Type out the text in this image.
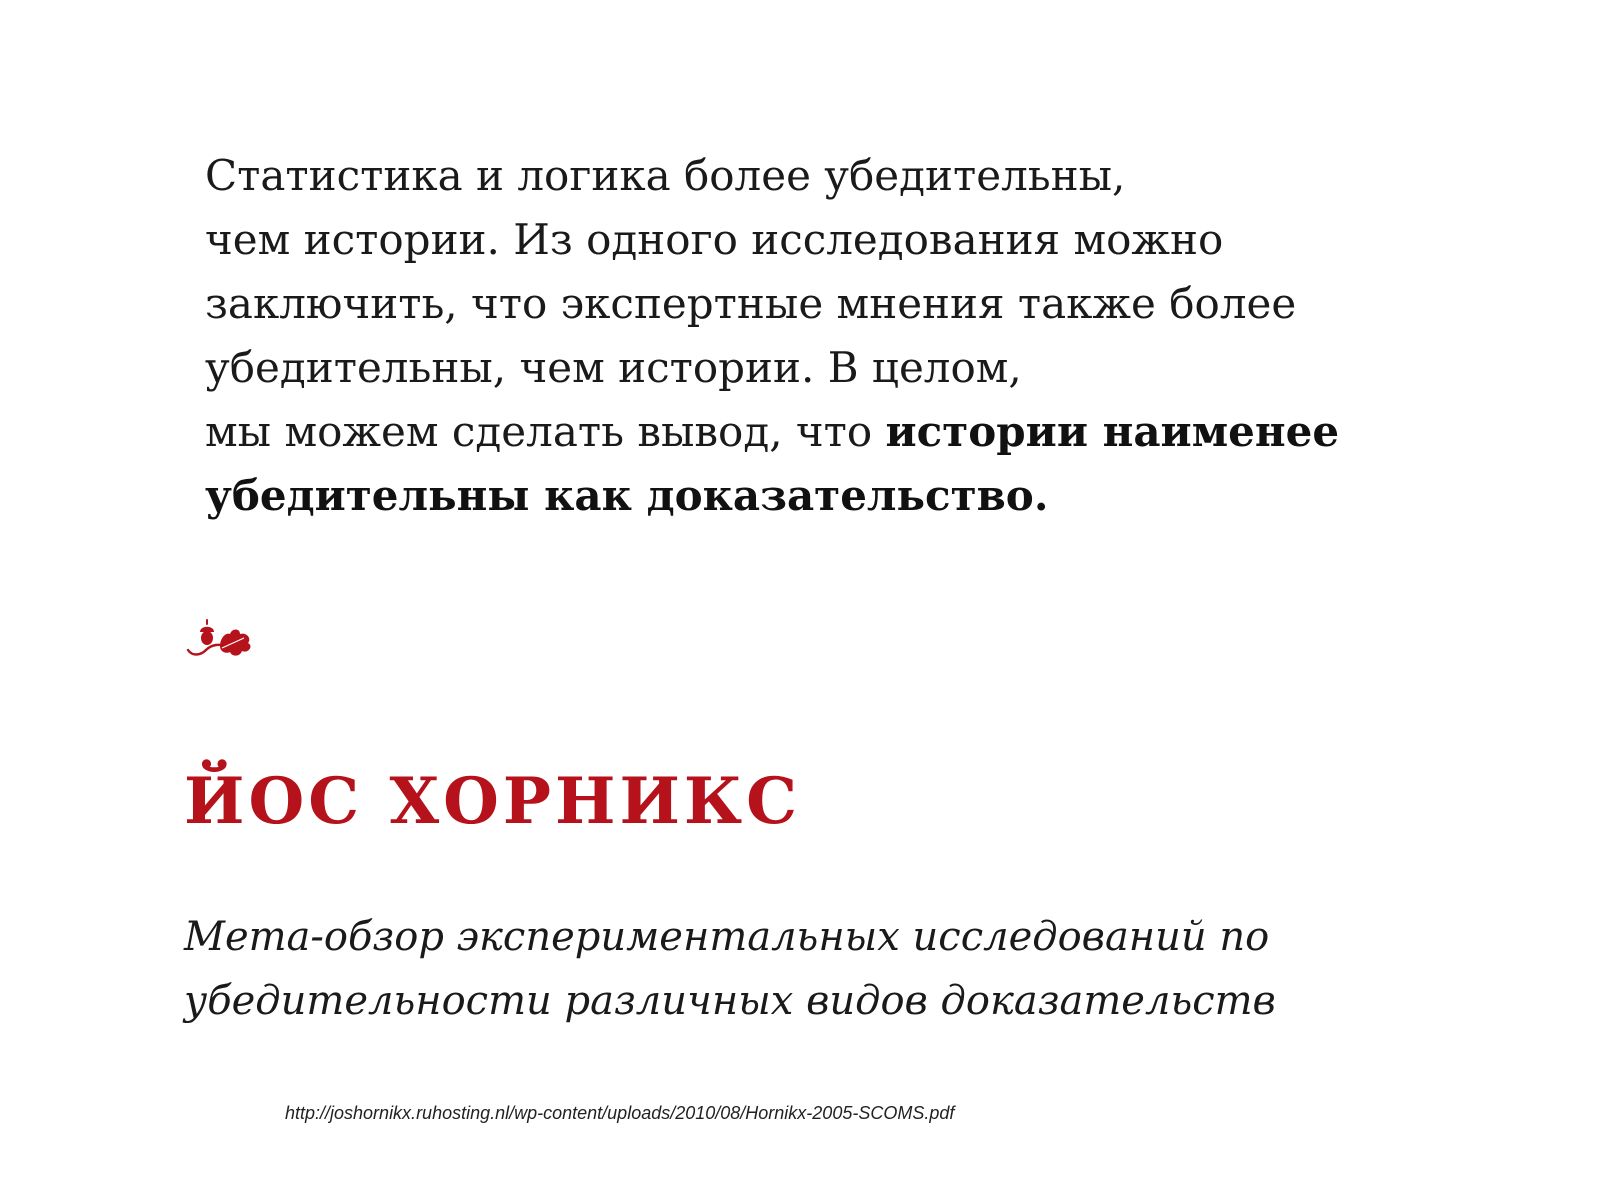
Статистика и логика более убедительны,
чем истории. Из одного исследования можно
заключить, что экспертные мнения также более
убедительны, чем истории. В целом,
мы можем сделать вывод, что истории наименее
убедительны как доказательство.
ЙОС ХОРНИКС
Мета-обзор экспериментальных исследований по
убедительности различных видов доказательств
http://joshornikx.ruhosting.nl/wp-content/uploads/2010/08/Hornikx-2005-SCOMS.pdf
